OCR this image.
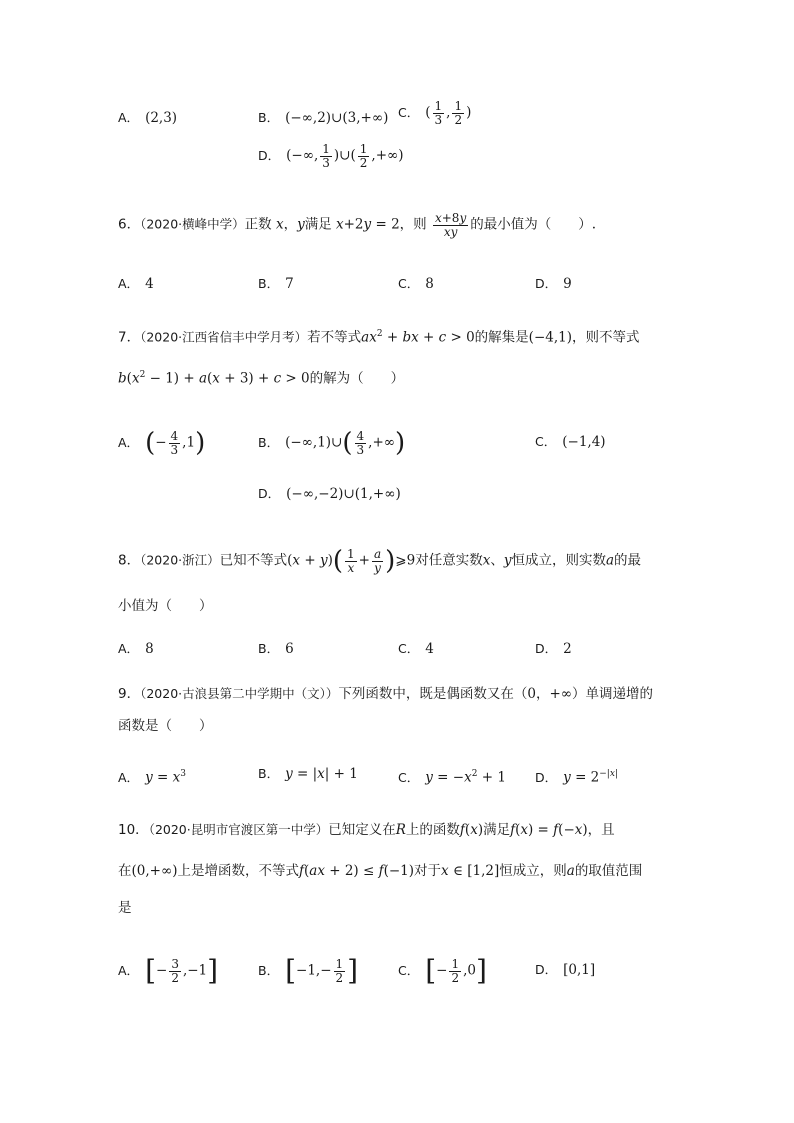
A． (2,3)	B． (−∞,2)∪(3,+∞) C． ( $\frac{1}{3}$ , $\frac{1}{2}$ )
D． (−∞, $\frac{1}{3}$ )∪( $\frac{1}{2}$ ,+∞)
6．（2020·横峰中学）正数 x，y满足 x+2y = 2，则 $\frac{x+8y}{xy}$ 的最小值为（　　）.
A． 4	B． 7	C． 8	D． 9
7．（2020·江西省信丰中学月考）若不等式$ax^2$ + bx + c > 0的解集是(−4,1)，则不等式
$b(x^2 - 1) + a(x + 3) + c > 0$的解为（　　）
A． (− $\frac{4}{3} ,1$)	B． (−∞,1)∪( $\frac{4}{3}$ ,+∞)	C． (−1,4)
D． (−∞,−2)∪(1,+∞)
8．（2020·浙江）已知不等式$(x + y)( \frac{1}{x} + \frac{a}{y}$ )⩾9对任意实数x、y恒成立，则实数a的最
小值为（　　）
A． 8	B． 6	C． 4	D． 2
9．（2020·古浪县第二中学期中（文））下列函数中，既是偶函数又在（0，+∞）单调递增的
函数是（　　）
A． $y = x^3$	B． y = |x| + 1	C． $y = -x^2 + 1$ D． $y = 2^{-|x|}$
10．（2020·昆明市官渡区第一中学）已知定义在R上的函数f(x)满足f(x) = f(−x)，且
在(0,+∞)上是增函数，不等式f(ax + 2) ≤ f(−1)对于x ∈ [1,2]恒成立，则a的取值范围
是
A． [− $\frac{3}{2} ,-1$]	B． [$-1,- \frac{1}{2}$ ]	C． [− $\frac{1}{2} ,0$]	D． [0,1]
